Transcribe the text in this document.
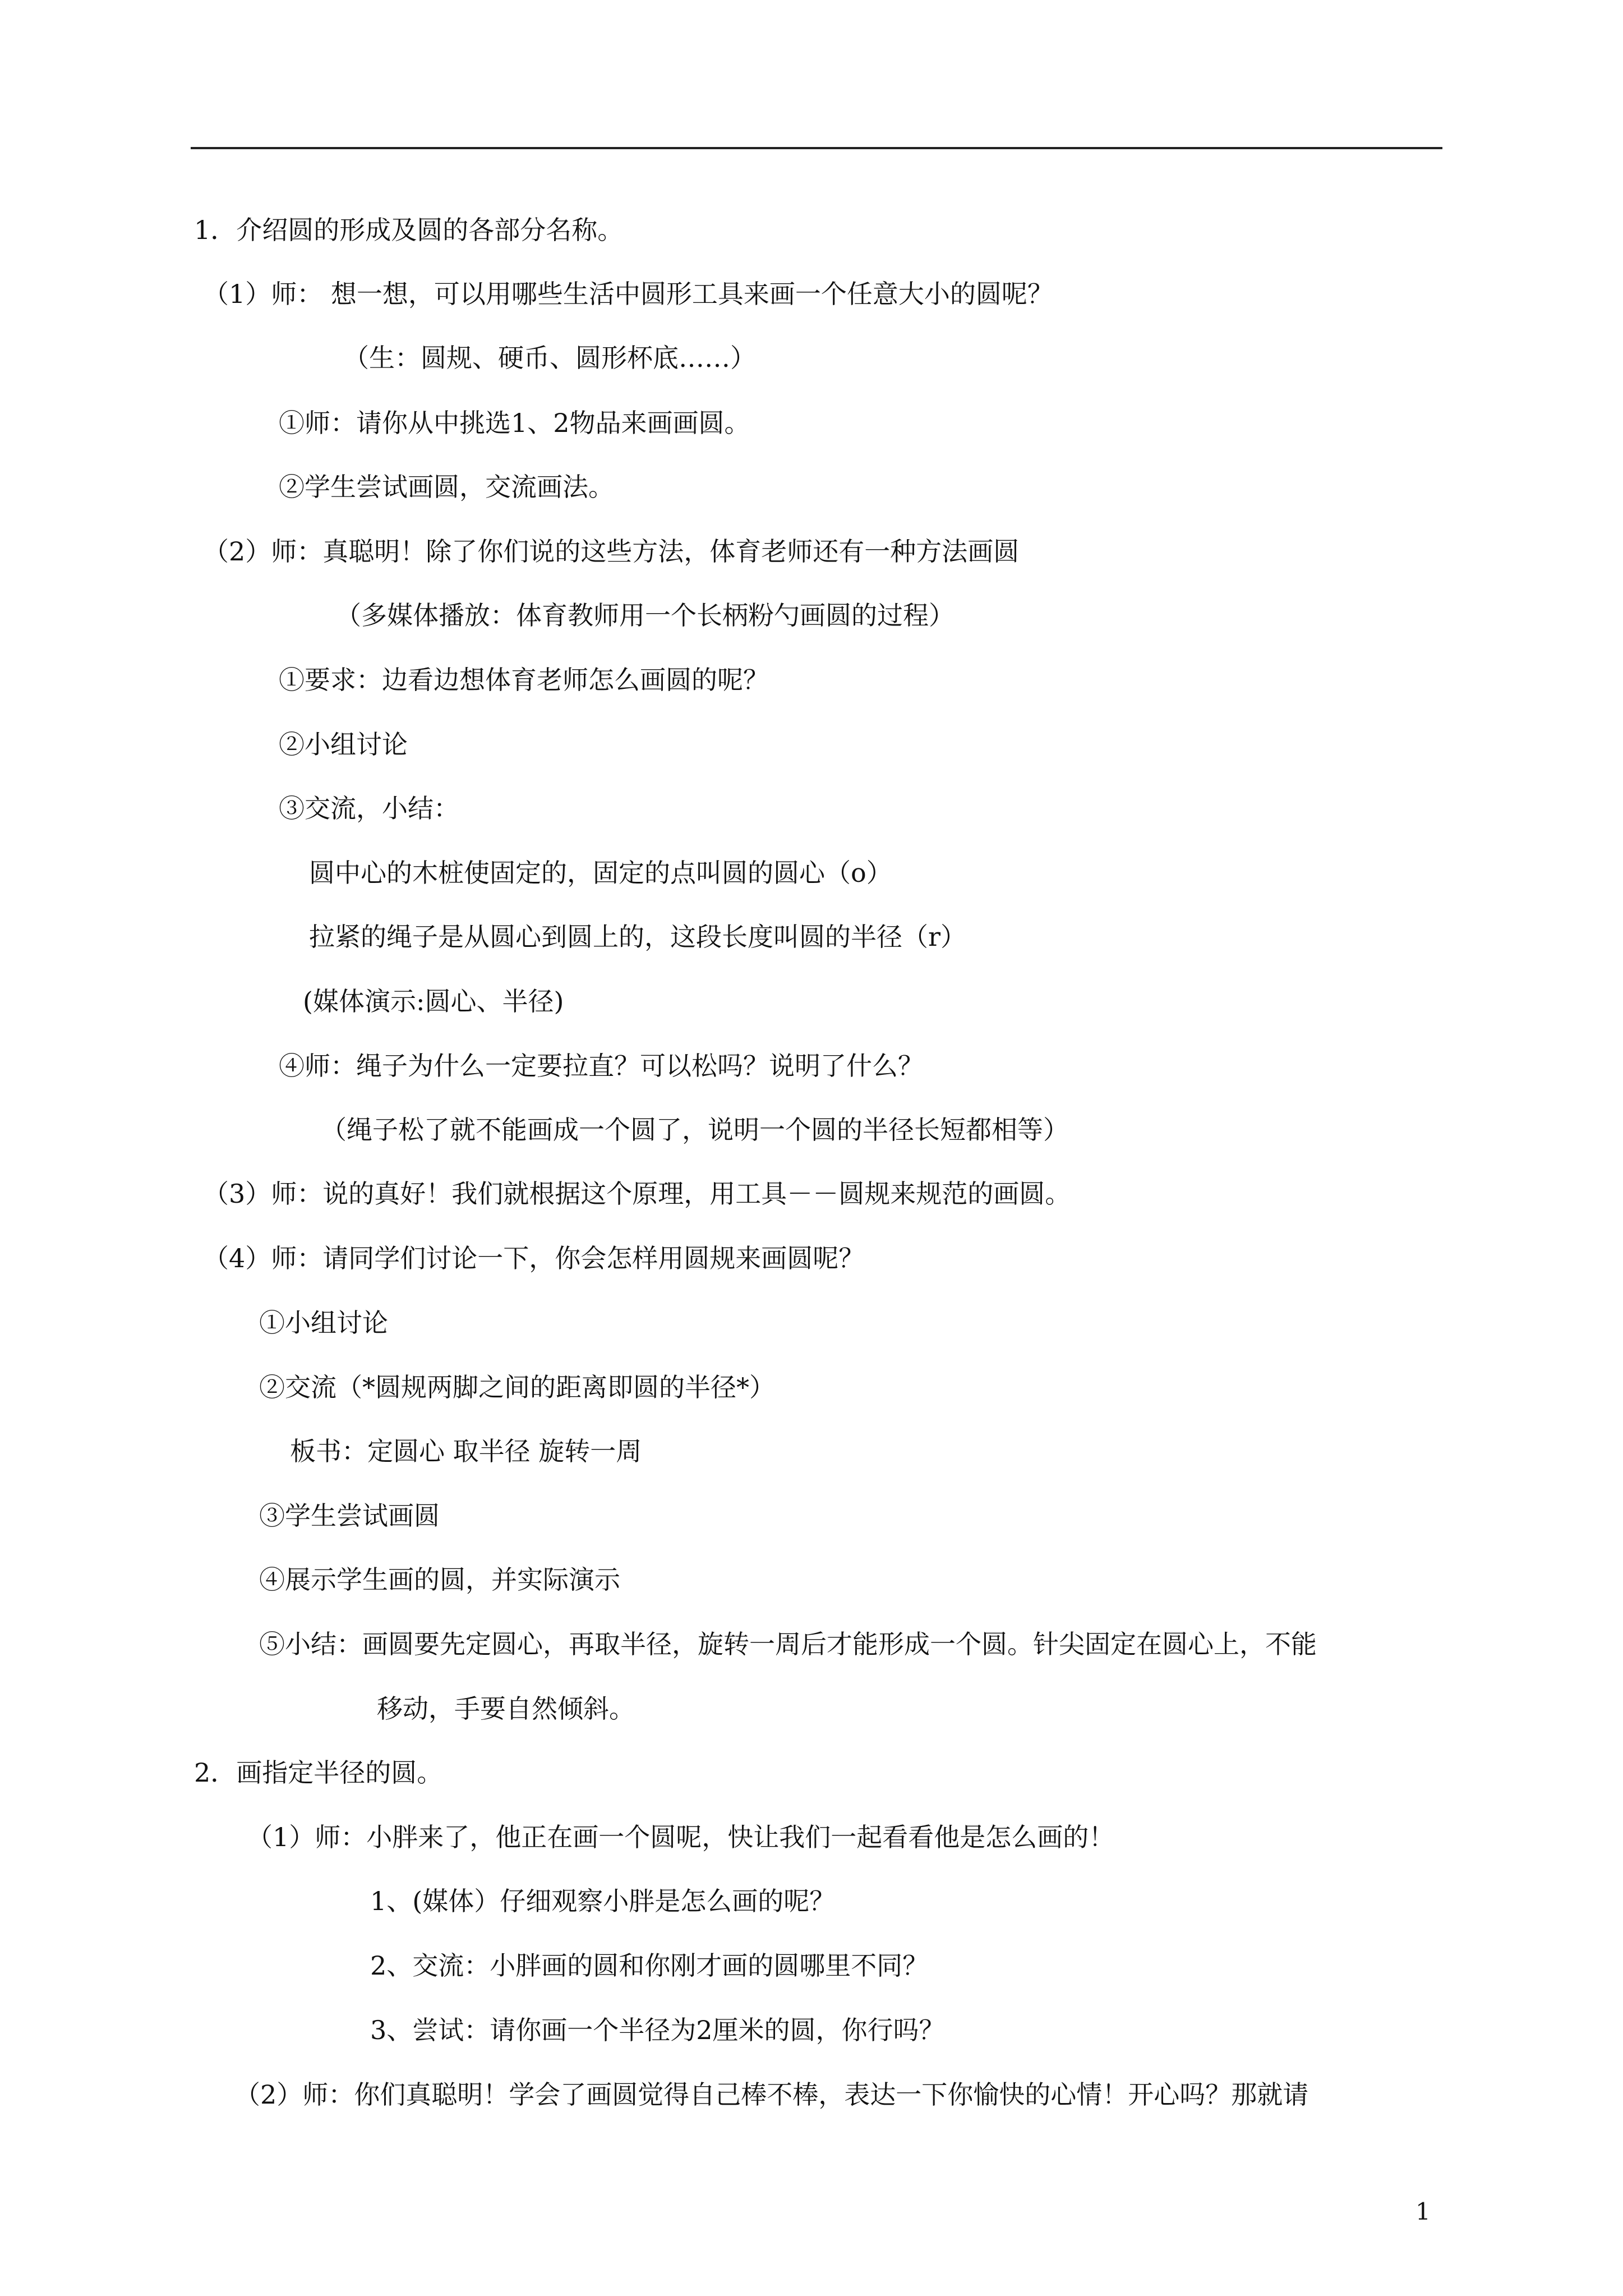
1．介绍圆的形成及圆的各部分名称。
（1）师： 想一想，可以用哪些生活中圆形工具来画一个任意大小的圆呢？
（生：圆规、硬币、圆形杯底……）
①师：请你从中挑选1、2物品来画画圆。
②学生尝试画圆，交流画法。
（2）师：真聪明！除了你们说的这些方法，体育老师还有一种方法画圆
（多媒体播放：体育教师用一个长柄粉勺画圆的过程）
①要求：边看边想体育老师怎么画圆的呢？
②小组讨论
③交流，小结：
圆中心的木桩使固定的，固定的点叫圆的圆心（o）
拉紧的绳子是从圆心到圆上的，这段长度叫圆的半径（r）
(媒体演示:圆心、半径)
④师：绳子为什么一定要拉直？可以松吗？说明了什么？
（绳子松了就不能画成一个圆了，说明一个圆的半径长短都相等）
（3）师：说的真好！我们就根据这个原理，用工具－－圆规来规范的画圆。
（4）师：请同学们讨论一下，你会怎样用圆规来画圆呢？
①小组讨论
②交流（*圆规两脚之间的距离即圆的半径*）
板书：定圆心 取半径 旋转一周
③学生尝试画圆
④展示学生画的圆，并实际演示
⑤小结：画圆要先定圆心，再取半径，旋转一周后才能形成一个圆。针尖固定在圆心上，不能
移动，手要自然倾斜。
2．画指定半径的圆。
（1）师：小胖来了，他正在画一个圆呢，快让我们一起看看他是怎么画的！
1、(媒体）仔细观察小胖是怎么画的呢？
2、交流：小胖画的圆和你刚才画的圆哪里不同？
3、尝试：请你画一个半径为2厘米的圆，你行吗？
（2）师：你们真聪明！学会了画圆觉得自己棒不棒，表达一下你愉快的心情！开心吗？那就请
1
